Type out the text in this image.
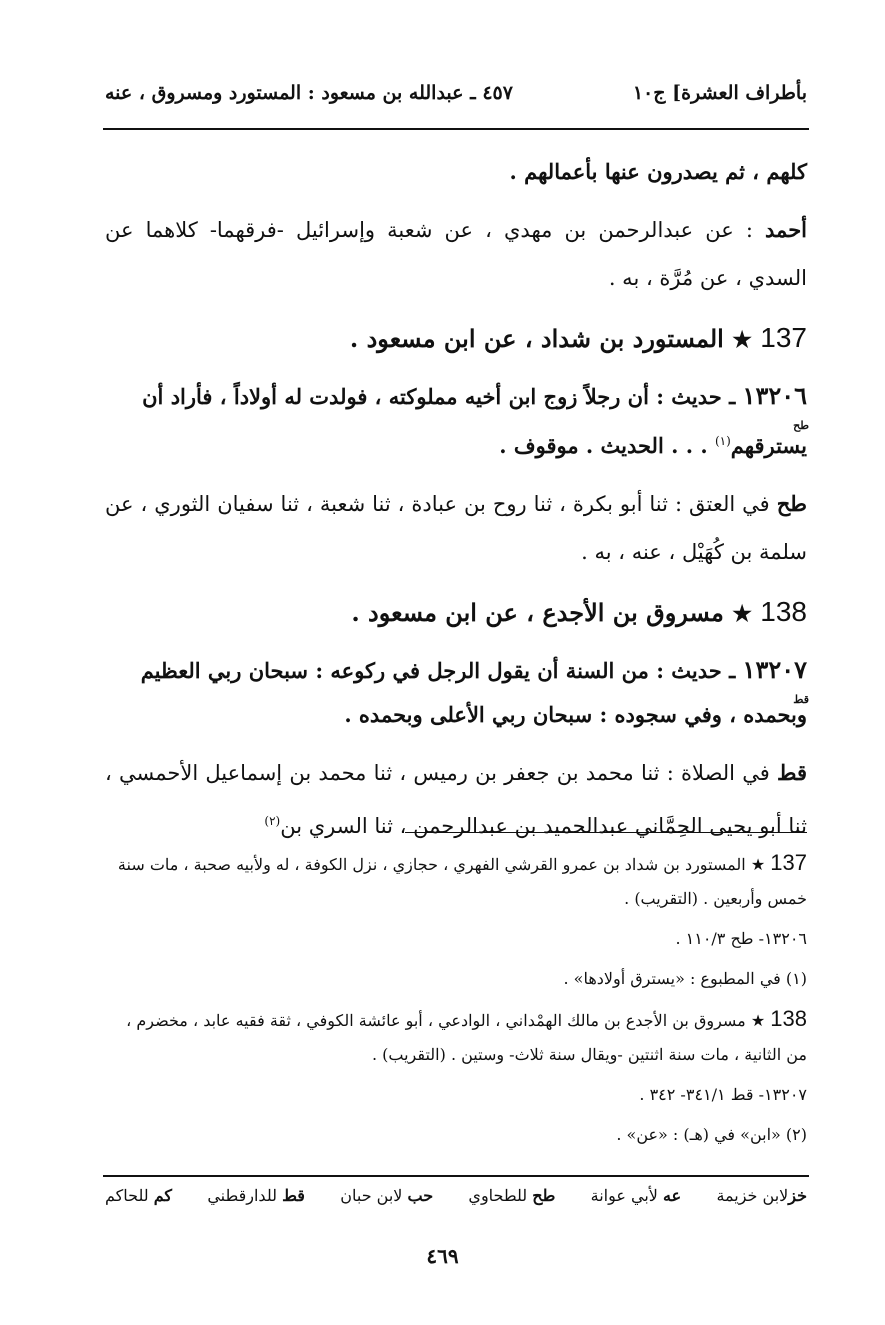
بأطراف العشرة] ج١٠
٤٥٧ ـ عبدالله بن مسعود : المستورد ومسروق ، عنه

كلهم ، ثم يصدرون عنها بأعمالهم .

أحمد : عن عبدالرحمن بن مهدي ، عن شعبة وإسرائيل -فرقهما- كلاهما عن السدي ، عن مُرَّة ، به .

137 ★ المستورد بن شداد ، عن ابن مسعود .
١٣٢٠٦ ـ حديث : أن رجلاً زوج ابن أخيه مملوكته ، فولدت له أولاداً ، فأراد أن يسترقهم$^{(١)}$ . . . الحديث . موقوف .
طح

طح في العتق : ثنا أبو بكرة ، ثنا روح بن عبادة ، ثنا شعبة ، ثنا سفيان الثوري ، عن سلمة بن كُهَيْل ، عنه ، به .

138 ★ مسروق بن الأجدع ، عن ابن مسعود .
١٣٢٠٧ ـ حديث : من السنة أن يقول الرجل في ركوعه : سبحان ربي العظيم وبحمده ، وفي سجوده : سبحان ربي الأعلى وبحمده .
قط

قط في الصلاة : ثنا محمد بن جعفر بن رميس ، ثنا محمد بن إسماعيل الأحمسي ، ثنا أبو يحيى الحِمَّاني عبدالحميد بن عبدالرحمن ، ثنا السري بن$^{(٢)}$

137 ★ المستورد بن شداد بن عمرو القرشي الفهري ، حجازي ، نزل الكوفة ، له ولأبيه صحبة ، مات سنة خمس وأربعين . (التقريب) .

١٣٢٠٦- طح ١١٠/٣ .

(١) في المطبوع : «يسترق أولادها» .

138 ★ مسروق بن الأجدع بن مالك الهمْداني ، الوادعي ، أبو عائشة الكوفي ، ثقة فقيه عابد ، مخضرم ، من الثانية ، مات سنة اثنتين -ويقال سنة ثلاث- وستين . (التقريب) .

١٣٢٠٧- قط ٣٤١/١- ٣٤٢ .

(٢) «ابن» في (هـ) : «عن» .

خزلابن خزيمة
عه لأبي عوانة
طح للطحاوي
حب لابن حبان
قط للدارقطني
كم للحاكم
٤٦٩
